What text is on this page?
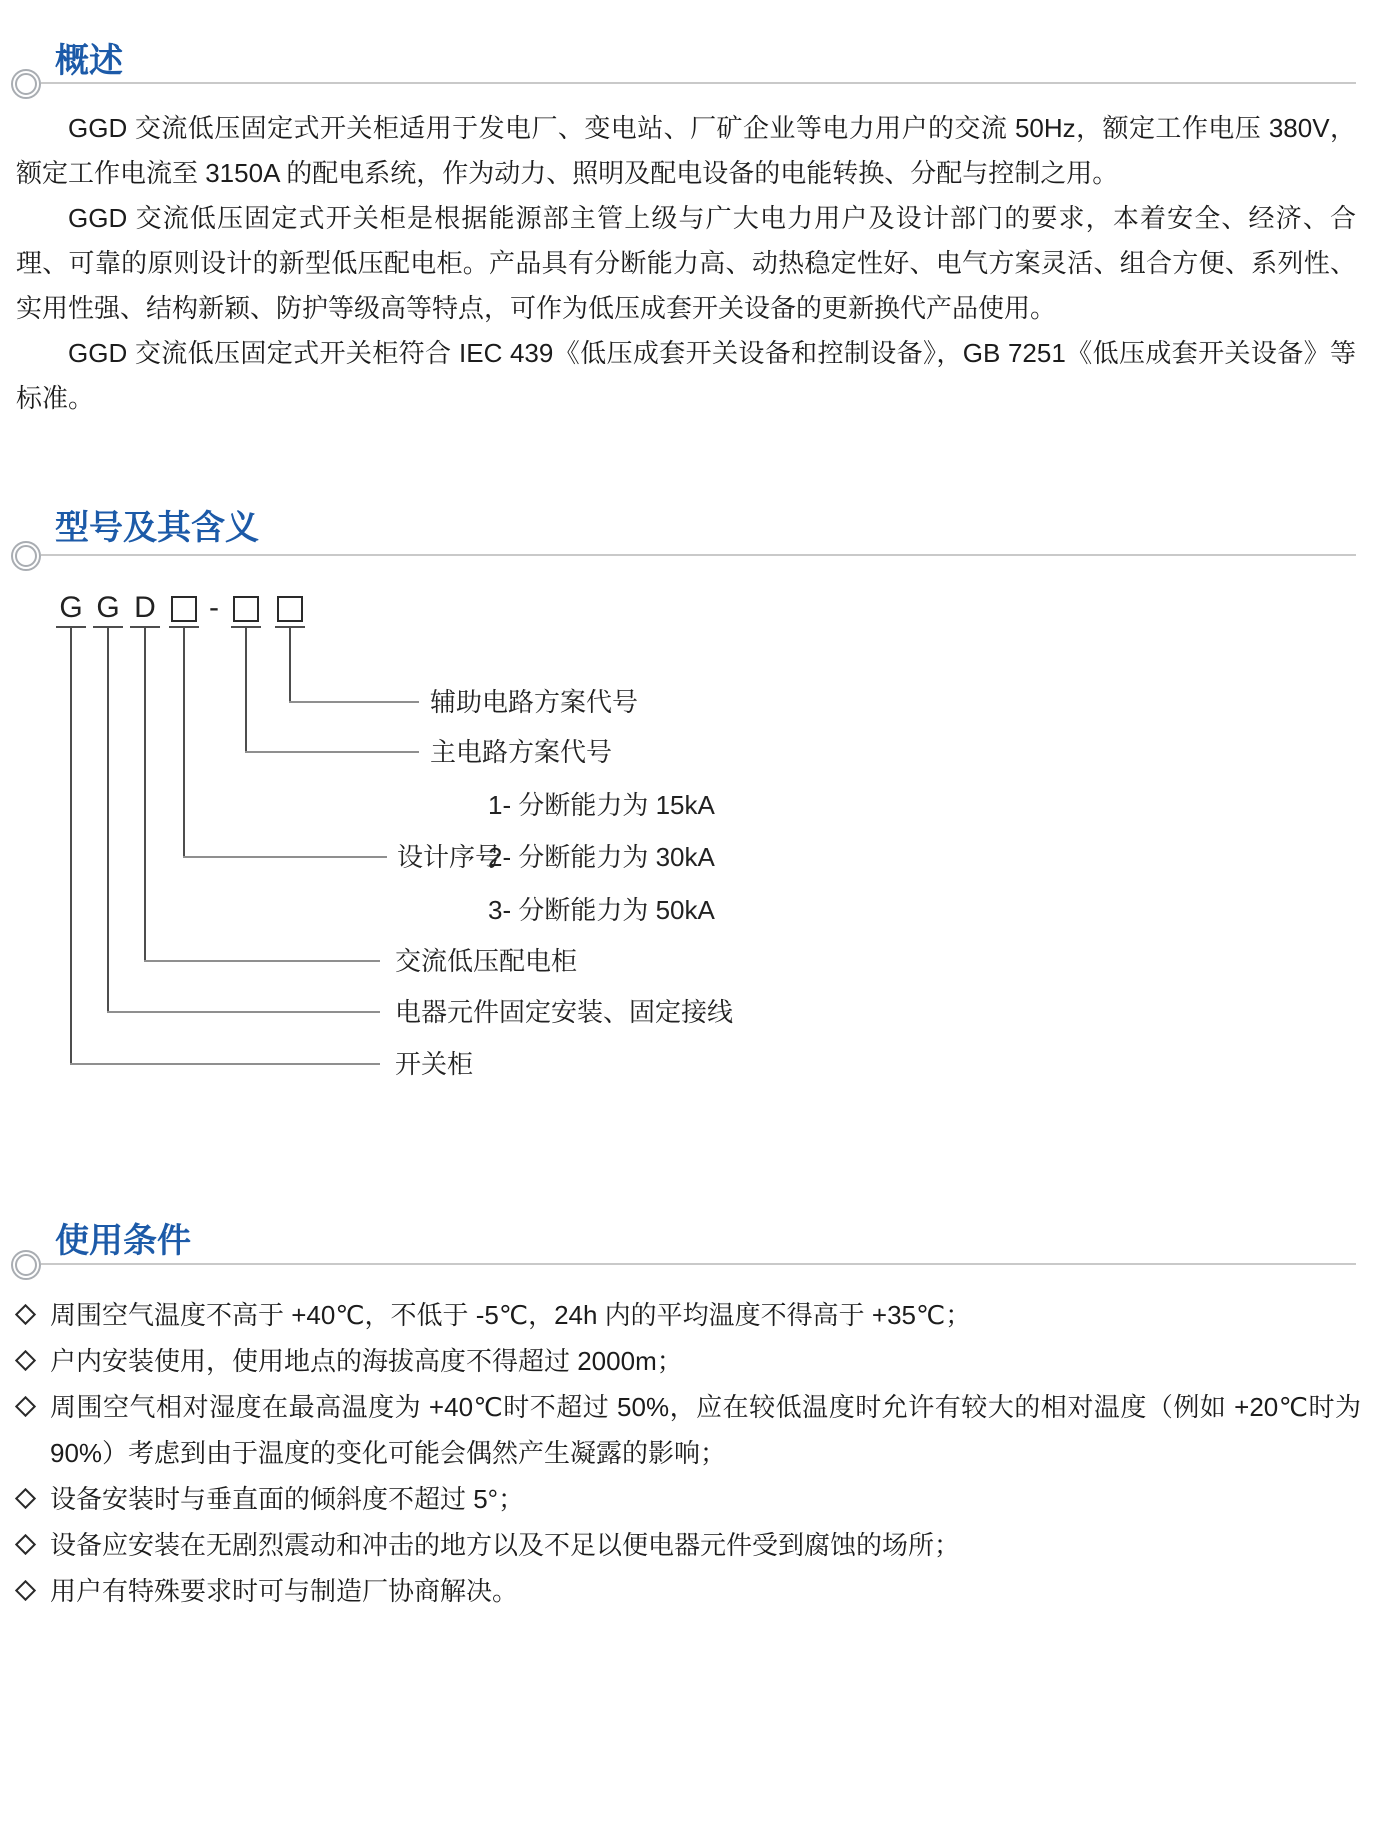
概述

GGD 交流低压固定式开关柜适用于发电厂、变电站、厂矿企业等电力用户的交流 50Hz，额定工作电压 380V，额定工作电流至 3150A 的配电系统，作为动力、照明及配电设备的电能转换、分配与控制之用。

GGD 交流低压固定式开关柜是根据能源部主管上级与广大电力用户及设计部门的要求，本着安全、经济、合理、可靠的原则设计的新型低压配电柜。产品具有分断能力高、动热稳定性好、电气方案灵活、组合方便、系列性、实用性强、结构新颖、防护等级高等特点，可作为低压成套开关设备的更新换代产品使用。

GGD 交流低压固定式开关柜符合 IEC 439《低压成套开关设备和控制设备》，GB 7251《低压成套开关设备》等标准。

型号及其含义
G G D -
辅助电路方案代号
主电路方案代号
1- 分断能力为 15kA
设计序号
2- 分断能力为 30kA
3- 分断能力为 50kA
交流低压配电柜
电器元件固定安装、固定接线
开关柜
使用条件
周围空气温度不高于 +40℃，不低于 -5℃，24h 内的平均温度不得高于 +35℃；
户内安装使用，使用地点的海拔高度不得超过 2000m；
周围空气相对湿度在最高温度为 +40℃时不超过 50%，应在较低温度时允许有较大的相对温度（例如 +20℃时为 90%）考虑到由于温度的变化可能会偶然产生凝露的影响；
设备安装时与垂直面的倾斜度不超过 5°；
设备应安装在无剧烈震动和冲击的地方以及不足以便电器元件受到腐蚀的场所；
用户有特殊要求时可与制造厂协商解决。
